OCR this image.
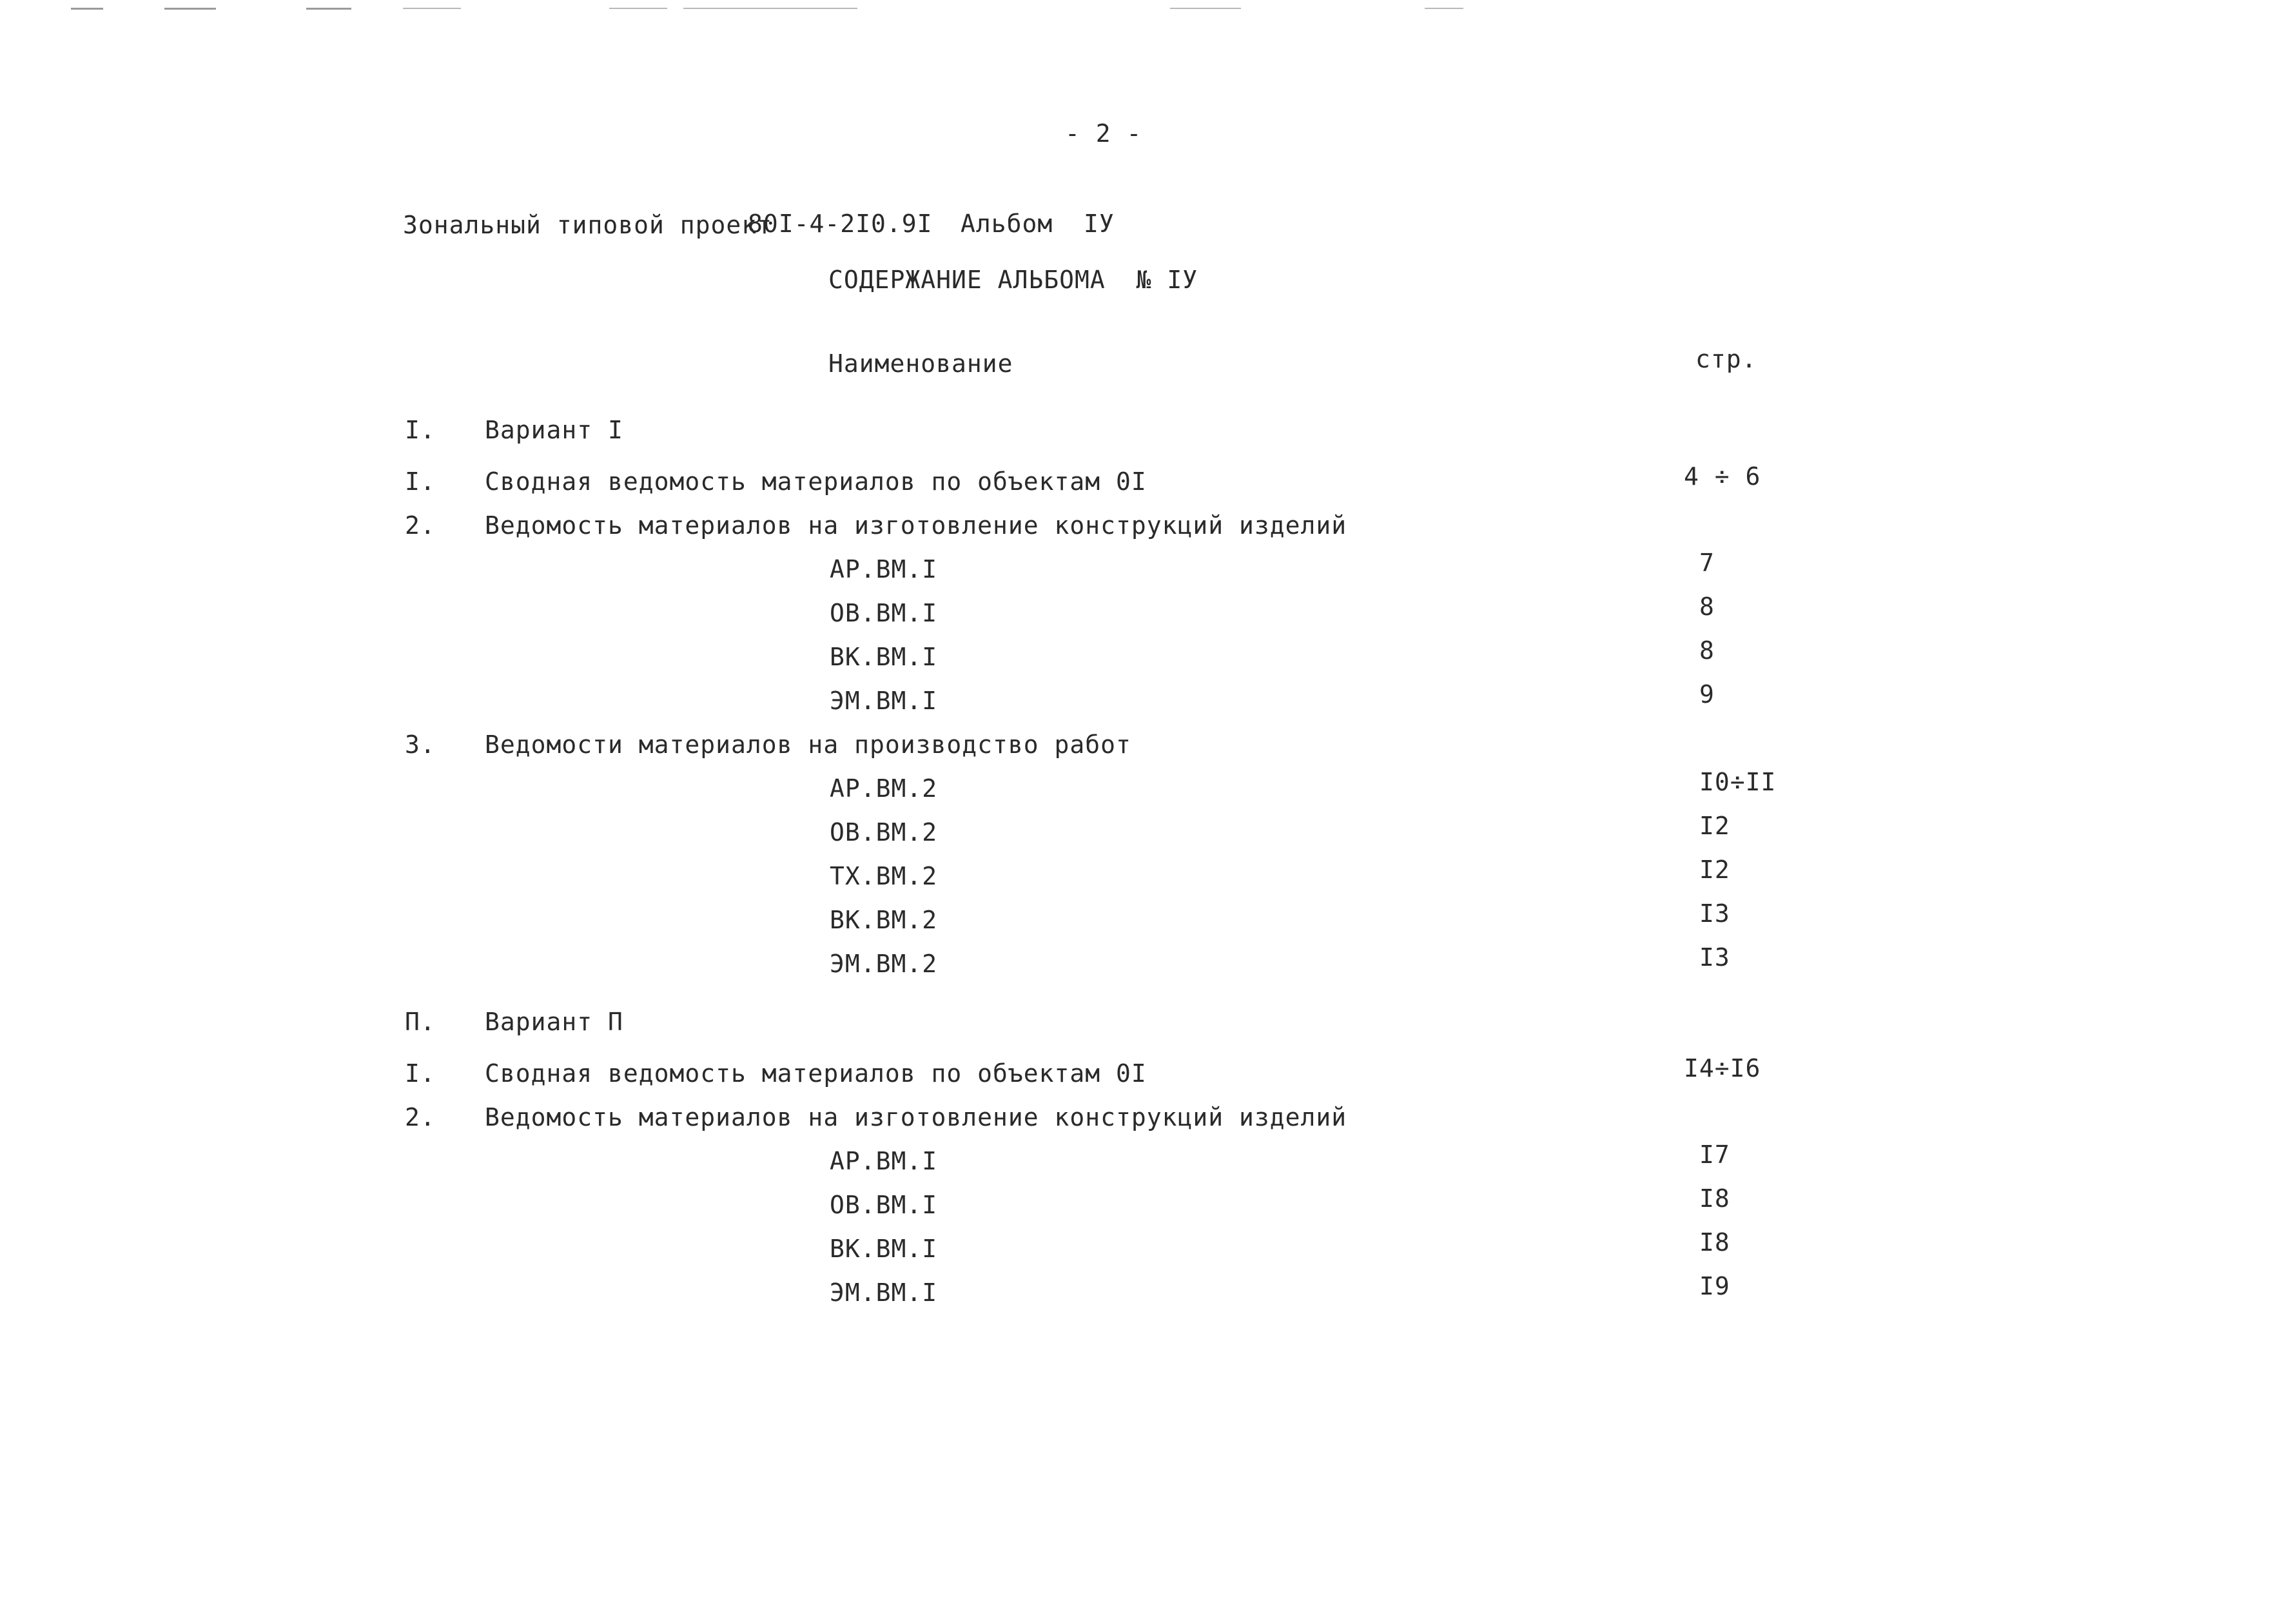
- 2 -
Зональный типовой проект
80I-4-2I0.9I Альбом  IУ
СОДЕРЖАНИЕ АЛЬБОМА  № IУ
Наименование	стр.
I. Вариант I
I. Сводная ведомость материалов по объектам 0I	4 ÷ 6
2. Ведомость материалов на изготовление конструкций изделий
АР.ВМ.I	7
ОВ.ВМ.I	8
ВК.ВМ.I	8
ЭМ.ВМ.I	9
3. Ведомости материалов на производство работ
АР.ВМ.2	I0÷II
ОВ.ВМ.2	I2
ТХ.ВМ.2	I2
ВК.ВМ.2	I3
ЭМ.ВМ.2	I3
П. Вариант П
I. Сводная ведомость материалов по объектам 0I	I4÷I6
2. Ведомость материалов на изготовление конструкций изделий
АР.ВМ.I	I7
ОВ.ВМ.I	I8
ВК.ВМ.I	I8
ЭМ.ВМ.I	I9
